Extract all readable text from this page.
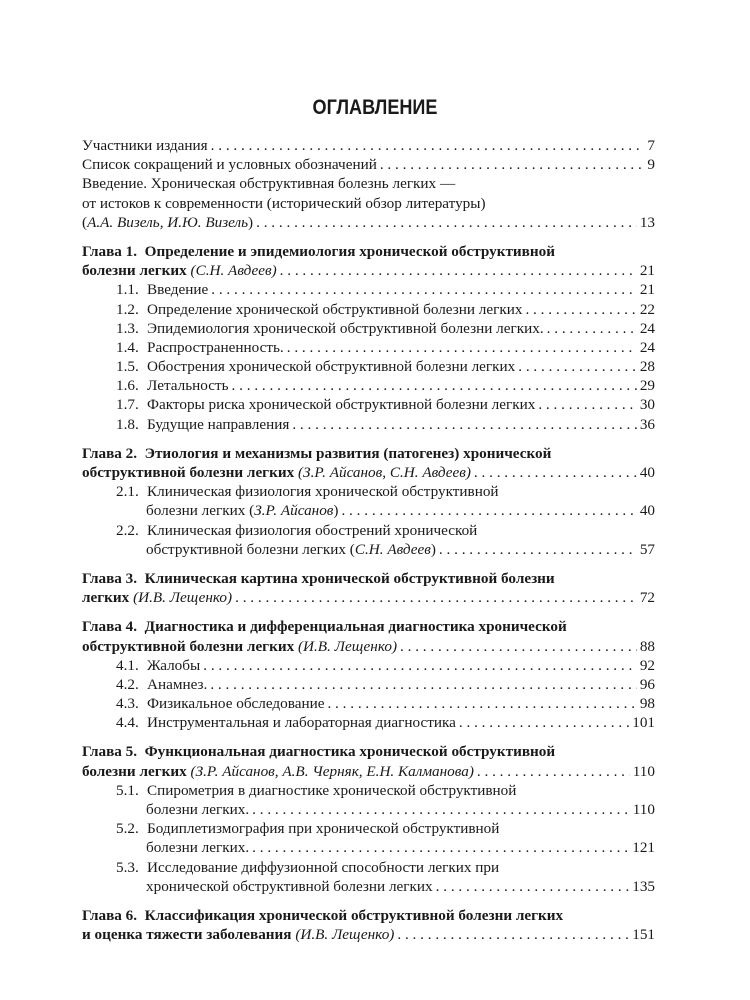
ОГЛАВЛЕНИЕ
Участники издания . . .	7
Список сокращений и условных обозначений . . .	9
Введение. Хроническая обструктивная болезнь легких —
от истоков к современности (исторический обзор литературы)
(А.А. Визель, И.Ю. Визель) . . .	13
Глава 1. Определение и эпидемиология хронической обструктивной
болезни легких (С.Н. Авдеев) . . .	21
1.1. Введение . . .	21
1.2. Определение хронической обструктивной болезни легких . . .	22
1.3. Эпидемиология хронической обструктивной болезни легких. . . .	24
1.4. Распространенность. . . .	24
1.5. Обострения хронической обструктивной болезни легких . . .	28
1.6. Летальность . . .	29
1.7. Факторы риска хронической обструктивной болезни легких . . .	30
1.8. Будущие направления . . .	36
Глава 2. Этиология и механизмы развития (патогенез) хронической
обструктивной болезни легких (З.Р. Айсанов, С.Н. Авдеев) . . .	40
2.1. Клиническая физиология хронической обструктивной
болезни легких (З.Р. Айсанов) . . .	40
2.2. Клиническая физиология обострений хронической
обструктивной болезни легких (С.Н. Авдеев) . . .	57
Глава 3. Клиническая картина хронической обструктивной болезни
легких (И.В. Лещенко) . . .	72
Глава 4. Диагностика и дифференциальная диагностика хронической
обструктивной болезни легких (И.В. Лещенко) . . .	88
4.1. Жалобы . . .	92
4.2. Анамнез. . . .	96
4.3. Физикальное обследование . . .	98
4.4. Инструментальная и лабораторная диагностика . . .	101
Глава 5. Функциональная диагностика хронической обструктивной
болезни легких (З.Р. Айсанов, А.В. Черняк, Е.Н. Калманова) . . .	110
5.1. Спирометрия в диагностике хронической обструктивной
болезни легких. . . .	110
5.2. Бодиплетизмография при хронической обструктивной
болезни легких. . . .	121
5.3. Исследование диффузионной способности легких при
хронической обструктивной болезни легких . . .	135
Глава 6. Классификация хронической обструктивной болезни легких
и оценка тяжести заболевания (И.В. Лещенко) . . .	151
